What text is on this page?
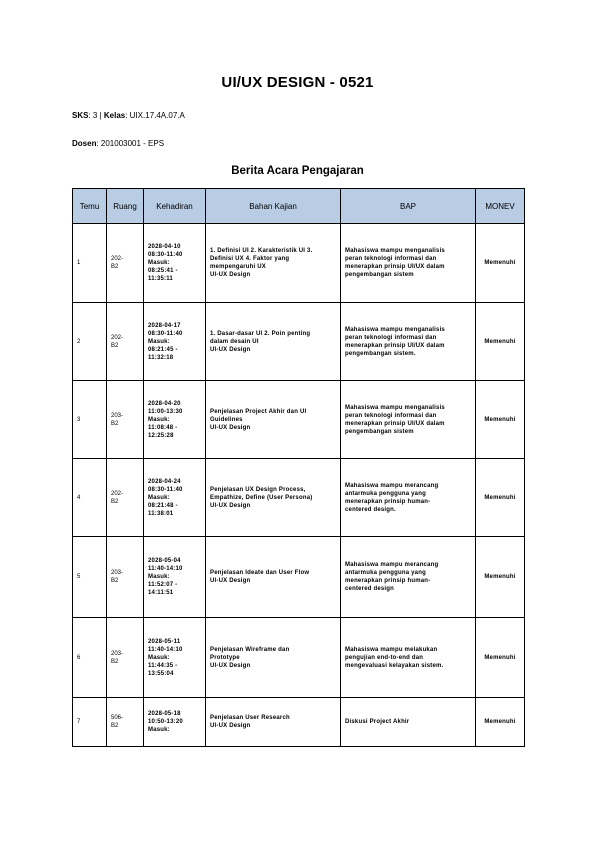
UI/UX DESIGN - 0521
SKS: 3 | Kelas: UIX.17.4A.07.A
Dosen: 201003001 - EPS
Berita Acara Pengajaran
Temu	Ruang	Kehadiran	Bahan Kajian	BAP	MONEV
1	202-
B2	2028-04-10
08:30-11:40
Masuk:
08:25:41 -
11:35:11	1. Definisi UI 2. Karakteristik UI 3.
Definisi UX 4. Faktor yang
mempengaruhi UX
UI-UX Design	Mahasiswa mampu menganalisis
peran teknologi informasi dan
menerapkan prinsip UI/UX dalam
pengembangan sistem	Memenuhi
2	202-
B2	2028-04-17
08:30-11:40
Masuk:
08:21:45 -
11:32:18	1. Dasar-dasar UI 2. Poin penting
dalam desain UI
UI-UX Design	Mahasiswa mampu menganalisis
peran teknologi informasi dan
menerapkan prinsip UI/UX dalam
pengembangan sistem.	Memenuhi
3	203-
B2	2028-04-20
11:00-13:30
Masuk:
11:08:48 -
12:25:28	Penjelasan Project Akhir dan UI
Guidelines
UI-UX Design	Mahasiswa mampu menganalisis
peran teknologi informasi dan
menerapkan prinsip UI/UX dalam
pengembangan sistem	Memenuhi
4	202-
B2	2028-04-24
08:30-11:40
Masuk:
08:21:48 -
11:38:01	Penjelasan UX Design Process,
Empathize, Define (User Persona)
UI-UX Design	Mahasiswa mampu merancang
antarmuka pengguna yang
menerapkan prinsip human-
centered design.	Memenuhi
5	203-
B2	2028-05-04
11:40-14:10
Masuk:
11:52:07 -
14:11:51	Penjelasan Ideate dan User Flow
UI-UX Design	Mahasiswa mampu merancang
antarmuka pengguna yang
menerapkan prinsip human-
centered design	Memenuhi
6	203-
B2	2028-05-11
11:40-14:10
Masuk:
11:44:35 -
13:55:04	Penjelasan Wireframe dan
Prototype
UI-UX Design	Mahasiswa mampu melakukan
pengujian end-to-end dan
mengevaluasi kelayakan sistem.	Memenuhi
7	506-
B2	2028-05-18
10:50-13:20
Masuk:	Penjelasan User Research
UI-UX Design	Diskusi Project Akhir	Memenuhi
